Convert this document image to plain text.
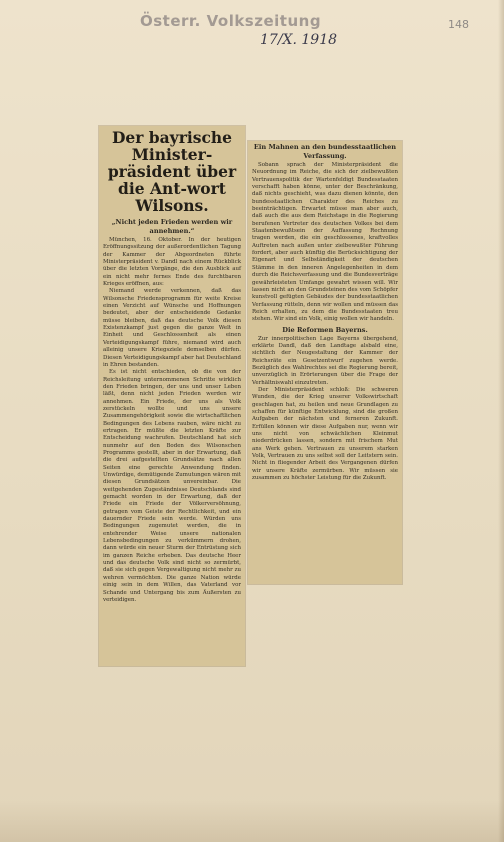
Österr. Volkszeitung	148
17/X. 1918
Der bayrische Minister-präsident über die Ant-wort Wilsons.
„Nicht jeden Frieden werden wir annehmen.“

München, 16. Oktober. In der heutigen Eröffnungssitzung der außerordentlichen Tagung der Kammer der Abgeordneten führte Ministerpräsident v. Dandl nach einem Rückblick über die letzten Vorgänge, die den Ausblick auf ein nicht mehr fernes Ende des furchtbaren Krieges eröffnen, aus:

Niemand werde verkennen, daß das Wilsonsche Friedensprogramm für weite Kreise einen Verzicht auf Wünsche und Hoffnungen bedeutet, aber der entscheidende Gedanke müsse bleiben, daß das deutsche Volk diesen Existenzkampf just gegen die ganze Welt in Einheit und Geschlossenheit als einen Verteidigungskampf führe, niemand wird auch alleinig unsere Kriegsziele demselben dürfen. Diesen Verteidigungskampf aber hat Deutschland in Ehren bestanden.

Es ist nicht entschieden, ob die von der Reichsleitung unternommenen Schritte wirklich den Frieden bringen, der uns und unser Leben läßt, denn nicht jeden Frieden werden wir annehmen. Ein Friede, der uns als Volk zerstückeln wollte und uns unsere Zusammengehörigkeit sowie die wirtschaftlichen Bedingungen des Lebens rauben, wäre nicht zu ertragen. Er müßte die letzten Kräfte zur Entscheidung wachrufen. Deutschland hat sich nunmehr auf den Boden des Wilsonschen Programms gestellt, aber in der Erwartung, daß die drei aufgestellten Grundsätze nach allen Seiten eine gerechte Anwendung finden. Unwürdige, demütigende Zumutungen wären mit diesen Grundsätzen unvereinbar. Die weitgehenden Zugeständnisse Deutschlands sind gemacht worden in der Erwartung, daß der Friede ein Friede der Völkerversöhnung, getragen vom Geiste der Rechtlichkeit, und ein dauernder Friede sein werde. Würden uns Bedingungen zugemutet werden, die in entehrender Weise unsere nationalen Lebensbedingungen zu verkümmern drohen, dann würde ein neuer Sturm der Entrüstung sich im ganzen Reiche erheben. Das deutsche Heer und das deutsche Volk sind nicht so zermürbt, daß sie sich gegen Vergewaltigung nicht mehr zu wehren vermöchten. Die ganze Nation würde einig sein in dem Willen, das Vaterland vor Schande und Untergang bis zum Äußersten zu verteidigen.

Ein Mahnen an den bundesstaatlichen Verfassung.

Sobann sprach der Ministerpräsident die Neuordnung im Reiche, die sich der zielbewußten Vertrauenspolitik der Wartenfeldigt Bundesstaaten verschafft haben könne, unter der Beschränkung, daß nichts geschieht, was dazu dienen könnte, den bundesstaatlichen Charakter des Reiches zu beeinträchtigen. Erwartet müsse man aber auch, daß auch die aus dem Reichstage in die Regierung berufenen Vertreter des deutschen Volkes bei dem Staatenbewußtsein der Auffassung Rechnung tragen werden, die ein geschlossenes, kraftvolles Auftreten nach außen unter zielbewußter Führung fordert, aber auch künftig die Berücksichtigung der Eigenart und Selbständigkeit der deutschen Stämme in den inneren Angelegenheiten in dem durch die Reichsverfassung und die Bundesverträge gewährleisteten Umfange gewahrt wissen will. Wir lassen nicht an den Grundsteinen des vom Schöpfer kunstvoll gefügten Gebäudes der bundesstaatlichen Verfassung rütteln, denn wir wollen und müssen das Reich erhalten, zu dem die Bundesstaaten treu stehen. Wir sind ein Volk, einig wollen wir handeln.

Die Reformen Bayerns.

Zur innerpolitischen Lage Bayerns übergehend, erklärte Dandl, daß den Landtage alsbald eine, sichtlich der Neugestaltung der Kammer der Reichsräte ein Gesetzentwurf zugehen werde. Bezüglich des Wahlrechtes sei die Regierung bereit, unverzüglich in Erörterungen über die Frage der Verhältniswahl einzutreten.

Der Ministerpräsident schloß: Die schweren Wunden, die der Krieg unserer Volkswirtschaft geschlagen hat, zu heilen und neue Grundlagen zu schaffen für künftige Entwicklung, sind die großen Aufgaben der nächsten und ferneren Zukunft. Erfüllen können wir diese Aufgaben nur, wenn wir uns nicht von schwächlichen Kleinmut niederdrücken lassen, sondern mit frischem Mut ans Werk gehen. Vertrauen zu unserem starken Volk, Vertrauen zu uns selbst soll der Leitstern sein. Nicht in fliegender Arbeit des Vergangenen dürfen wir unsere Kräfte zermürben. Wir müssen sie zusammen zu höchster Leistung für die Zukunft.
